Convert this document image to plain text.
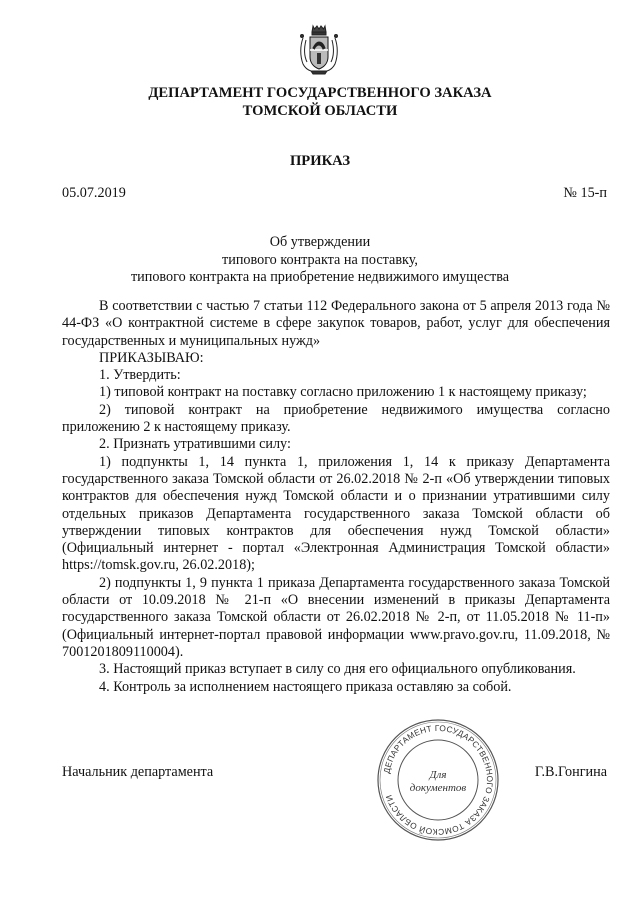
ДЕПАРТАМЕНТ ГОСУДАРСТВЕННОГО ЗАКАЗА
ТОМСКОЙ ОБЛАСТИ
ПРИКАЗ
05.07.2019	№ 15-п
Об утверждении
типового контракта на поставку,
типового контракта на приобретение недвижимого имущества

В соответствии с частью 7 статьи 112 Федерального закона от 5 апреля 2013 года № 44-ФЗ «О контрактной системе в сфере закупок товаров, работ, услуг для обеспечения государственных и муниципальных нужд»

ПРИКАЗЫВАЮ:

1. Утвердить:

1) типовой контракт на поставку согласно приложению 1 к настоящему приказу;

2) типовой контракт на приобретение недвижимого имущества согласно приложению 2 к настоящему приказу.

2. Признать утратившими силу:

1) подпункты 1, 14 пункта 1, приложения 1, 14 к приказу Департамента государственного заказа Томской области от 26.02.2018 № 2-п «Об утверждении типовых контрактов для обеспечения нужд Томской области и о признании утратившими силу отдельных приказов Департамента государственного заказа Томской области об утверждении типовых контрактов для обеспечения нужд Томской области» (Официальный интернет - портал «Электронная Администрация Томской области» https://tomsk.gov.ru, 26.02.2018);

2) подпункты 1, 9 пункта 1 приказа Департамента государственного заказа Томской области от 10.09.2018 № 21-п «О внесении изменений в приказы Департамента государственного заказа Томской области от 26.02.2018 № 2-п, от 11.05.2018 № 11-п» (Официальный интернет-портал правовой информации www.pravo.gov.ru, 11.09.2018, № 7001201809110004).

3. Настоящий приказ вступает в силу со дня его официального опубликования.

4. Контроль за исполнением настоящего приказа оставляю за собой.

Начальник департамента	Г.В.Гонгина
ДЕПАРТАМЕНТ ГОСУДАРСТВЕННОГО ЗАКАЗА ТОМСКОЙ ОБЛАСТИ
Для
документов
